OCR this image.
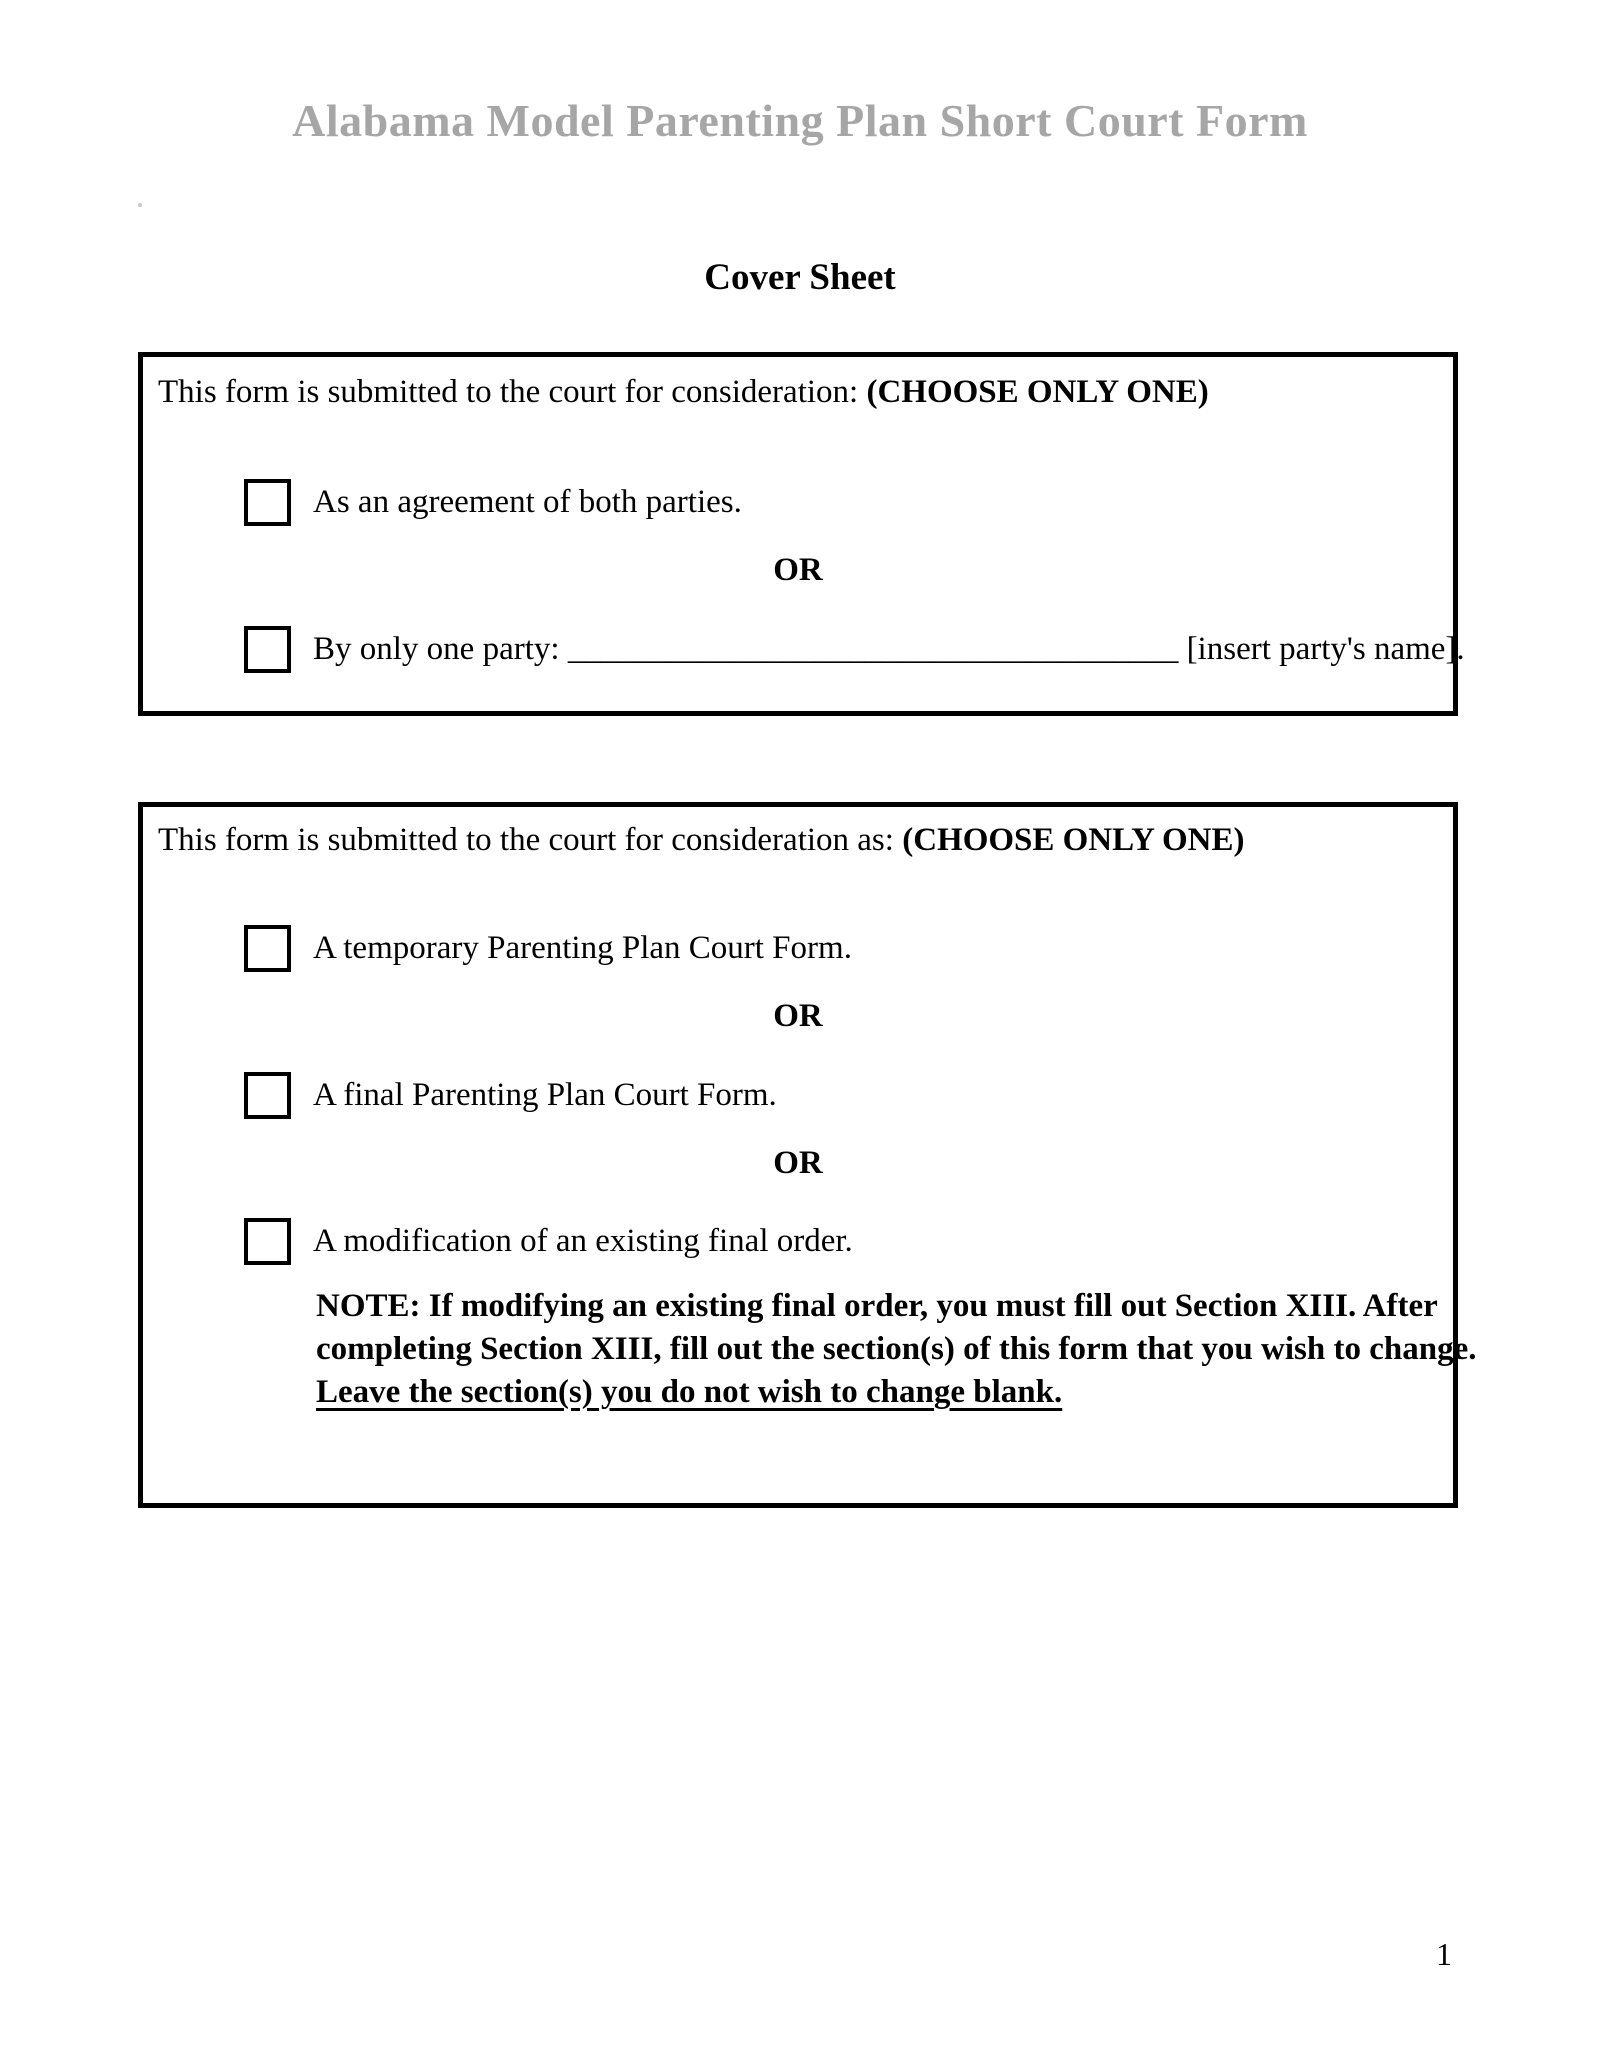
Alabama Model Parenting Plan Short Court Form
Cover Sheet

This form is submitted to the court for consideration: (CHOOSE ONLY ONE)

As an agreement of both parties.
OR
By only one party: _____________________________________ [insert party's name].

This form is submitted to the court for consideration as: (CHOOSE ONLY ONE)

A temporary Parenting Plan Court Form.
OR
A final Parenting Plan Court Form.
OR
A modification of an existing final order.
NOTE: If modifying an existing final order, you must fill out Section XIII. After
completing Section XIII, fill out the section(s) of this form that you wish to change.
Leave the section(s) you do not wish to change blank.
1
